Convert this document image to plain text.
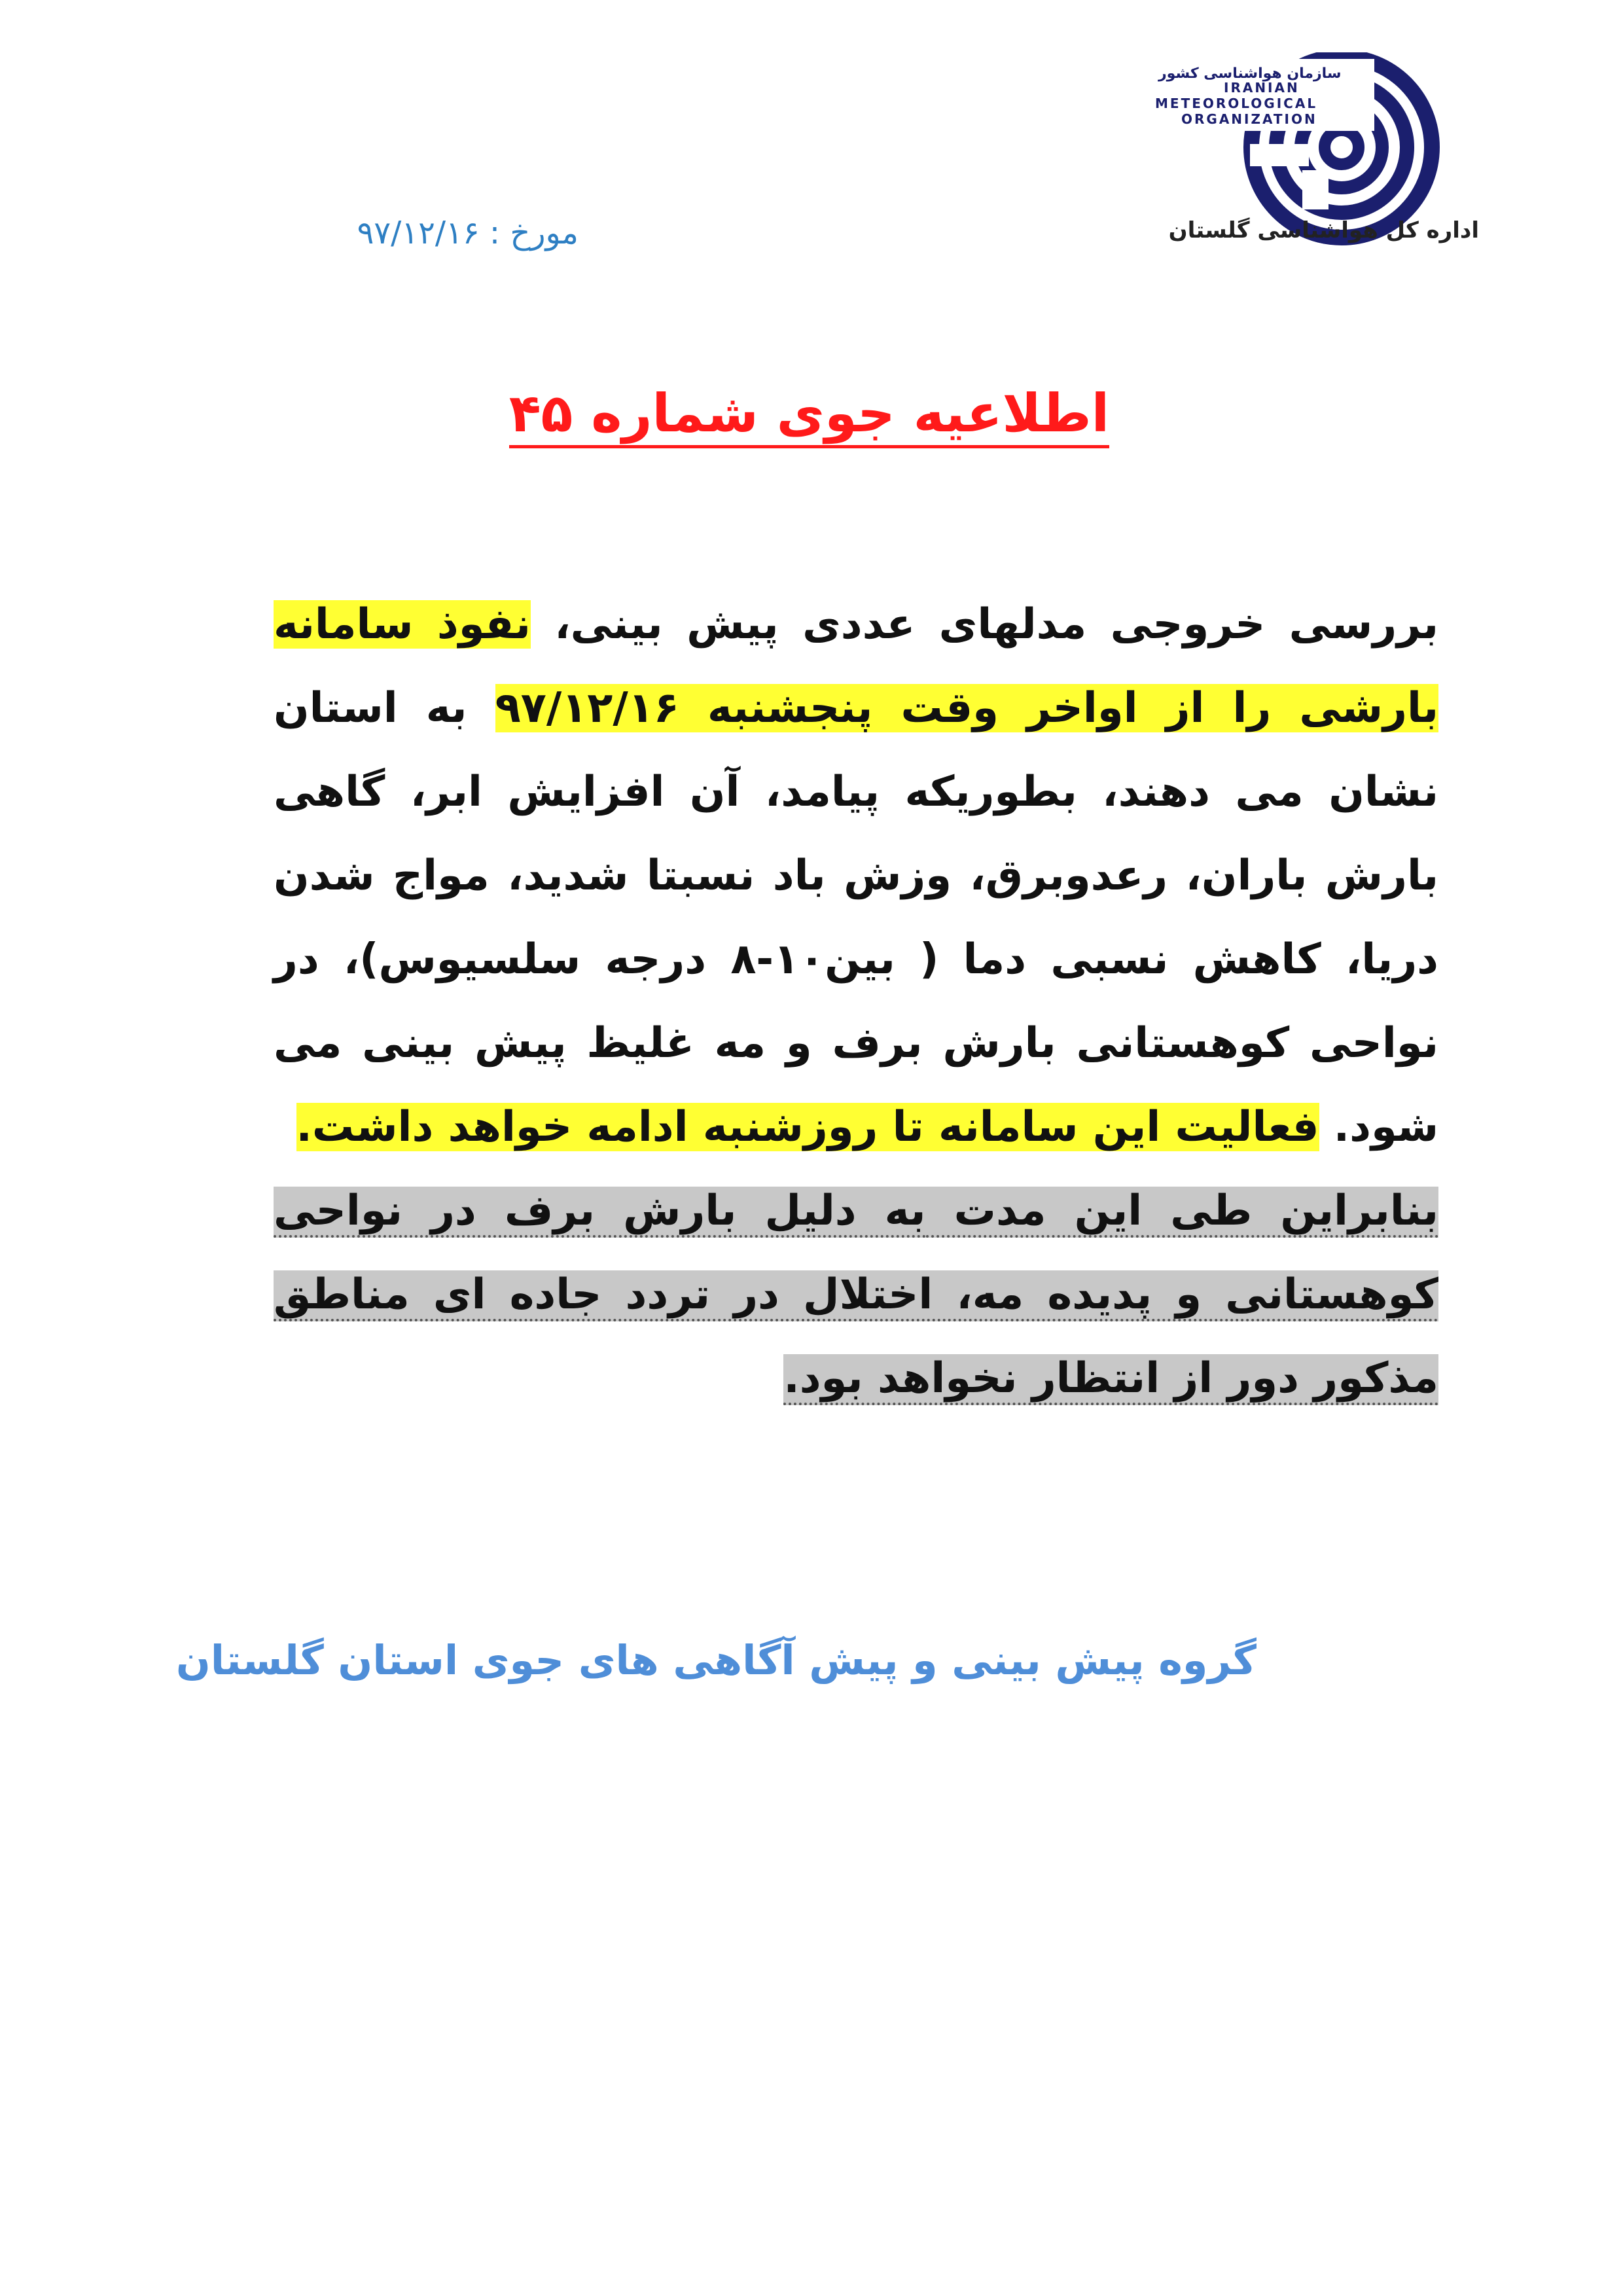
سازمان هواشناسی کشور
IRANIAN
METEOROLOGICAL
ORGANIZATION
اداره کل هواشناسی گلستان
مورخ : ۹۷/۱۲/۱۶
اطلاعیه جوی شماره ۴۵
بررسی خروجی مدلهای عددی پیش بینی، نفوذ سامانه بارشی را از اواخر وقت پنجشنبه ۹۷/۱۲/۱۶ به استان نشان می دهند، بطوریکه پیامد، آن افزایش ابر، گاهی بارش باران، رعدوبرق، وزش باد نسبتا شدید، مواج شدن دریا، کاهش نسبی دما ( بین۱۰-۸ درجه سلسیوس)، در نواحی کوهستانی بارش برف و مه غلیظ پیش بینی می شود. فعالیت این سامانه تا روزشنبه ادامه خواهد داشت.
بنابراین طی این مدت به دلیل بارش برف در نواحی کوهستانی و پدیده مه، اختلال در تردد جاده ای مناطق مذکور دور از انتظار نخواهد بود.
گروه پیش بینی و پیش آگاهی های جوی استان گلستان
